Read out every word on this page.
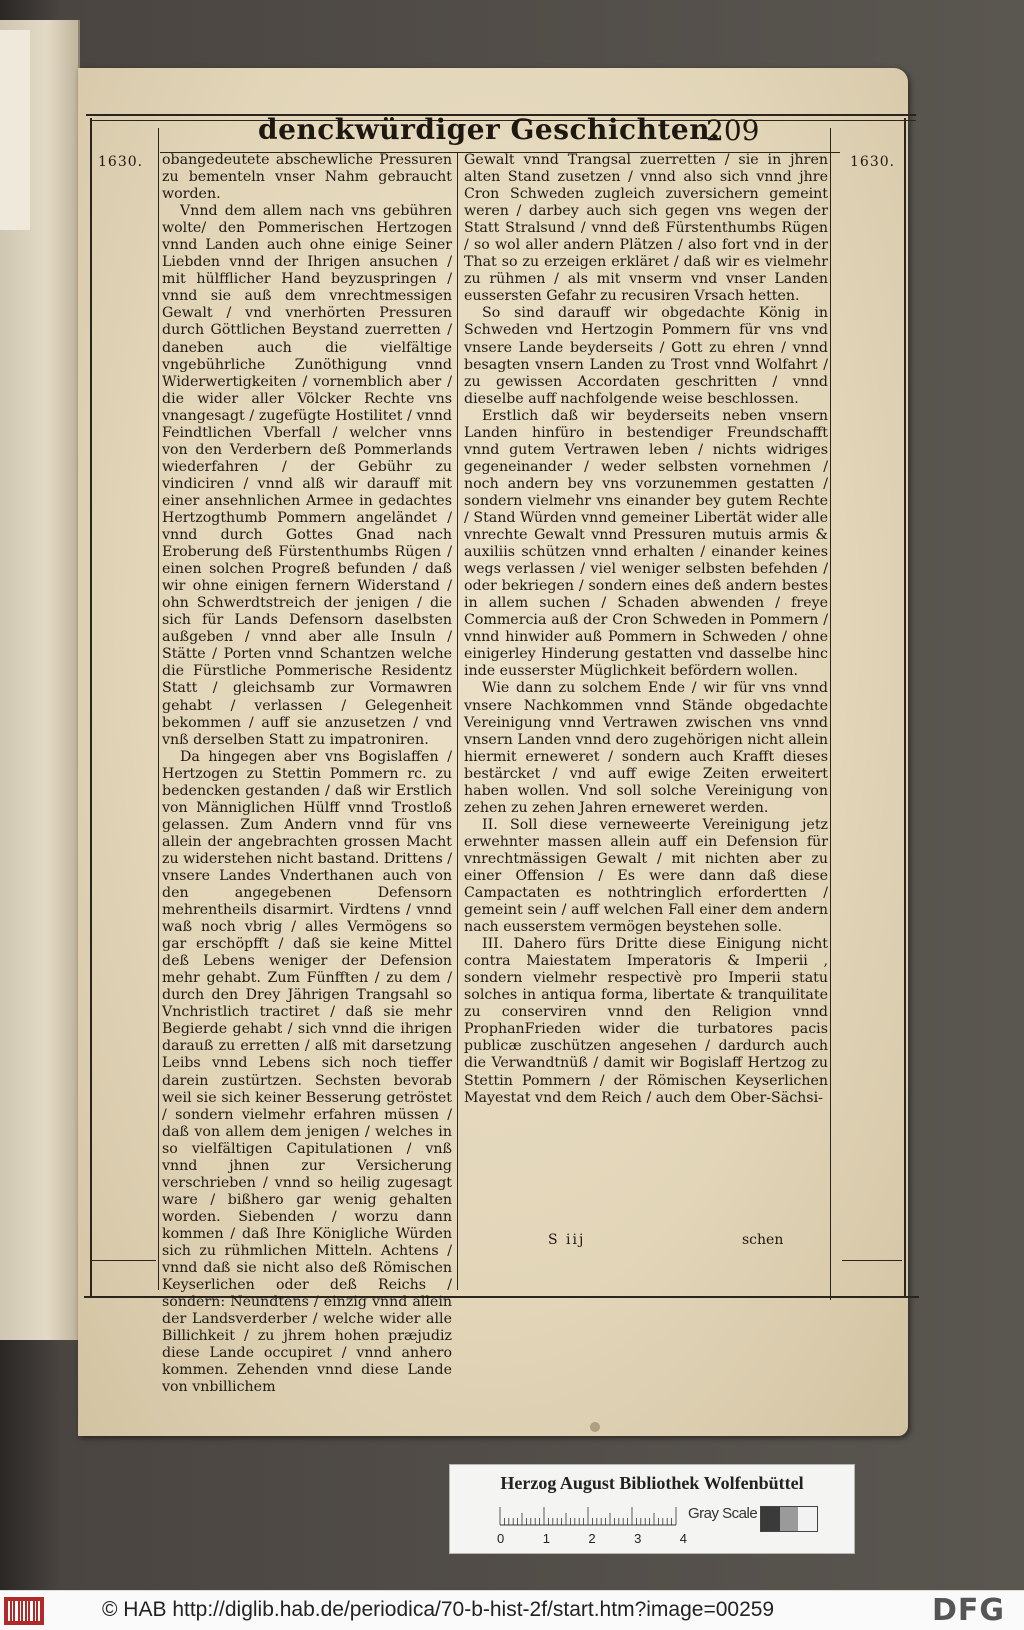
denckwürdiger Geschichten.
209
1630.	1630.

obangedeutete abschewliche Pressuren zu bementeln vnser Nahm gebraucht worden.

Vnnd dem allem nach vns gebühren wolte/ den Pommerischen Hertzogen vnnd Landen auch ohne einige Seiner Liebden vnnd der Ihrigen ansuchen / mit hülfflicher Hand beyzuspringen / vnnd sie auß dem vnrechtmessigen Gewalt / vnd vnerhörten Pressuren durch Göttlichen Beystand zuerretten / daneben auch die vielfältige vngebührliche Zunöthigung vnnd Widerwertigkeiten / vornemblich aber / die wider aller Völcker Rechte vns vnangesagt / zugefügte Hostilitet / vnnd Feindtlichen Vberfall / welcher vnns von den Verderbern deß Pommerlands wiederfahren / der Gebühr zu vindiciren / vnnd alß wir darauff mit einer ansehnlichen Armee in gedachtes Hertzogthumb Pommern angeländet / vnnd durch Gottes Gnad nach Eroberung deß Fürstenthumbs Rügen / einen solchen Progreß befunden / daß wir ohne einigen fernern Widerstand / ohn Schwerdtstreich der jenigen / die sich für Lands Defensorn daselbsten außgeben / vnnd aber alle Insuln / Stätte / Porten vnnd Schantzen welche die Fürstliche Pommerische Residentz Statt / gleichsamb zur Vormawren gehabt / verlassen / Gelegenheit bekommen / auff sie anzusetzen / vnd vnß derselben Statt zu impatroniren.

Da hingegen aber vns Bogislaffen / Hertzogen zu Stettin Pommern rc. zu bedencken gestanden / daß wir Erstlich von Männiglichen Hülff vnnd Trostloß gelassen. Zum Andern vnnd für vns allein der angebrachten grossen Macht zu widerstehen nicht bastand. Drittens / vnsere Landes Vnderthanen auch von den angegebenen Defensorn mehrentheils disarmirt. Virdtens / vnnd waß noch vbrig / alles Vermögens so gar erschöpfft / daß sie keine Mittel deß Lebens weniger der Defension mehr gehabt. Zum Fünfften / zu dem / durch den Drey Jährigen Trangsahl so Vnchristlich tractiret / daß sie mehr Begierde gehabt / sich vnnd die ihrigen darauß zu erretten / alß mit darsetzung Leibs vnnd Lebens sich noch tieffer darein zustürtzen. Sechsten bevorab weil sie sich keiner Besserung getröstet / sondern vielmehr erfahren müssen / daß von allem dem jenigen / welches in so vielfältigen Capitulationen / vnß vnnd jhnen zur Versicherung verschrieben / vnnd so heilig zugesagt ware / bißhero gar wenig gehalten worden. Siebenden / worzu dann kommen / daß Ihre Königliche Würden sich zu rühmlichen Mitteln. Achtens / vnnd daß sie nicht also deß Römischen Keyserlichen oder deß Reichs / sondern: Neundtens / einzig vnnd allein der Landsverderber / welche wider alle Billichkeit / zu jhrem hohen præjudiz diese Lande occupiret / vnnd anhero kommen. Zehenden vnnd diese Lande von vnbillichem

Gewalt vnnd Trangsal zuerretten / sie in jhren alten Stand zusetzen / vnnd also sich vnnd jhre Cron Schweden zugleich zuversichern gemeint weren / darbey auch sich gegen vns wegen der Statt Stralsund / vnnd deß Fürstenthumbs Rügen / so wol aller andern Plätzen / also fort vnd in der That so zu erzeigen erkläret / daß wir es vielmehr zu rühmen / als mit vnserm vnd vnser Landen eussersten Gefahr zu recusiren Vrsach hetten.

So sind darauff wir obgedachte König in Schweden vnd Hertzogin Pommern für vns vnd vnsere Lande beyderseits / Gott zu ehren / vnnd besagten vnsern Landen zu Trost vnnd Wolfahrt / zu gewissen Accordaten geschritten / vnnd dieselbe auff nachfolgende weise beschlossen.

Erstlich daß wir beyderseits neben vnsern Landen hinfüro in bestendiger Freundschafft vnnd gutem Vertrawen leben / nichts widriges gegeneinander / weder selbsten vornehmen / noch andern bey vns vorzunemmen gestatten / sondern vielmehr vns einander bey gutem Rechte / Stand Würden vnnd gemeiner Libertät wider alle vnrechte Gewalt vnnd Pressuren mutuis armis & auxiliis schützen vnnd erhalten / einander keines wegs verlassen / viel weniger selbsten befehden / oder bekriegen / sondern eines deß andern bestes in allem suchen / Schaden abwenden / freye Commercia auß der Cron Schweden in Pommern / vnnd hinwider auß Pommern in Schweden / ohne einigerley Hinderung gestatten vnd dasselbe hinc inde eusserster Müglichkeit befördern wollen.

Wie dann zu solchem Ende / wir für vns vnnd vnsere Nachkommen vnnd Stände obgedachte Vereinigung vnnd Vertrawen zwischen vns vnnd vnsern Landen vnnd dero zugehörigen nicht allein hiermit erneweret / sondern auch Krafft dieses bestärcket / vnd auff ewige Zeiten erweitert haben wollen. Vnd soll solche Vereinigung von zehen zu zehen Jahren erneweret werden.

II. Soll diese verneweerte Vereinigung jetz erwehnter massen allein auff ein Defension für vnrechtmässigen Gewalt / mit nichten aber zu einer Offension / Es were dann daß diese Campactaten es nothtringlich erfordertten / gemeint sein / auff welchen Fall einer dem andern nach eusserstem vermögen beystehen solle.

III. Dahero fürs Dritte diese Einigung nicht contra Maiestatem Imperatoris & Imperii , sondern vielmehr respectivè pro Imperii statu solches in antiqua forma, libertate & tranquilitate zu conserviren vnnd den Religion vnnd ProphanFrieden wider die turbatores pacis publicæ zuschützen angesehen / dardurch auch die Verwandtnüß / damit wir Bogislaff Hertzog zu Stettin Pommern / der Römischen Keyserlichen Mayestat vnd dem Reich / auch dem Ober-Sächsi-

S iij	schen
Herzog August Bibliothek Wolfenbüttel
Gray Scale
0	1	2	3	4
© HAB http://diglib.hab.de/periodica/70-b-hist-2f/start.htm?image=00259	DFG
